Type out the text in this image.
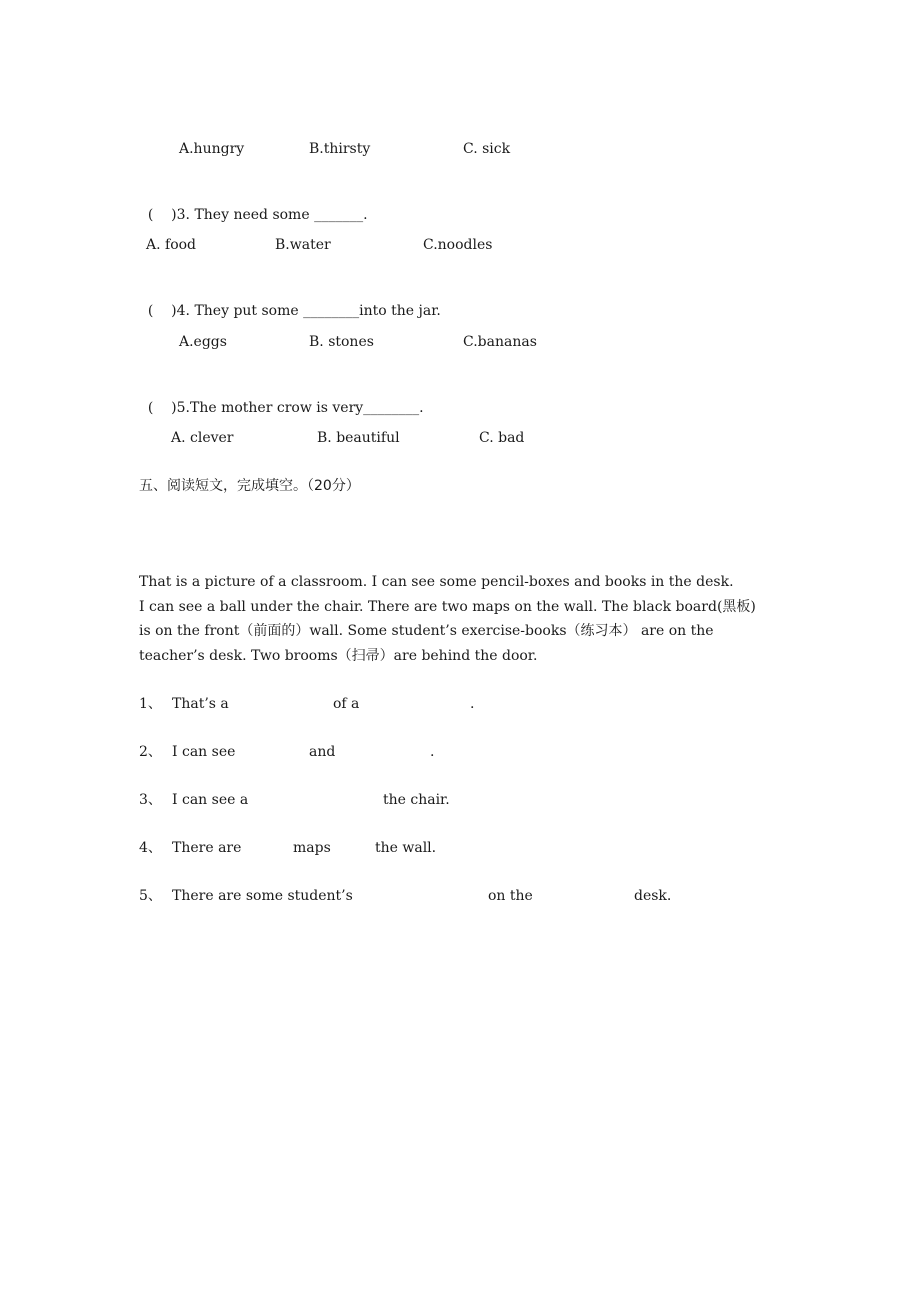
A.hungry	B.thirsty	C. sick

(    )3. They need some _______.

A. food	B.water	C.noodles

(    )4. They put some ________into the jar.

A.eggs	B. stones	C.bananas

(    )5.The mother crow is very________.

A. clever	B. beautiful	C. bad
五、阅读短文，完成填空。（20分）
That is a picture of a classroom. I can see some pencil-boxes and books in the desk.
I can see a ball under the chair. There are two maps on the wall. The black board(黑板)
is on the front（前面的）wall. Some student’s exercise-books（练习本） are on the
teacher’s desk. Two brooms（扫帚）are behind the door.
1、 That’s a	of a	.
2、 I can see	and	.
3、 I can see a	the chair.
4、 There are	maps	the wall.
5、 There are some student’s	on the	desk.
